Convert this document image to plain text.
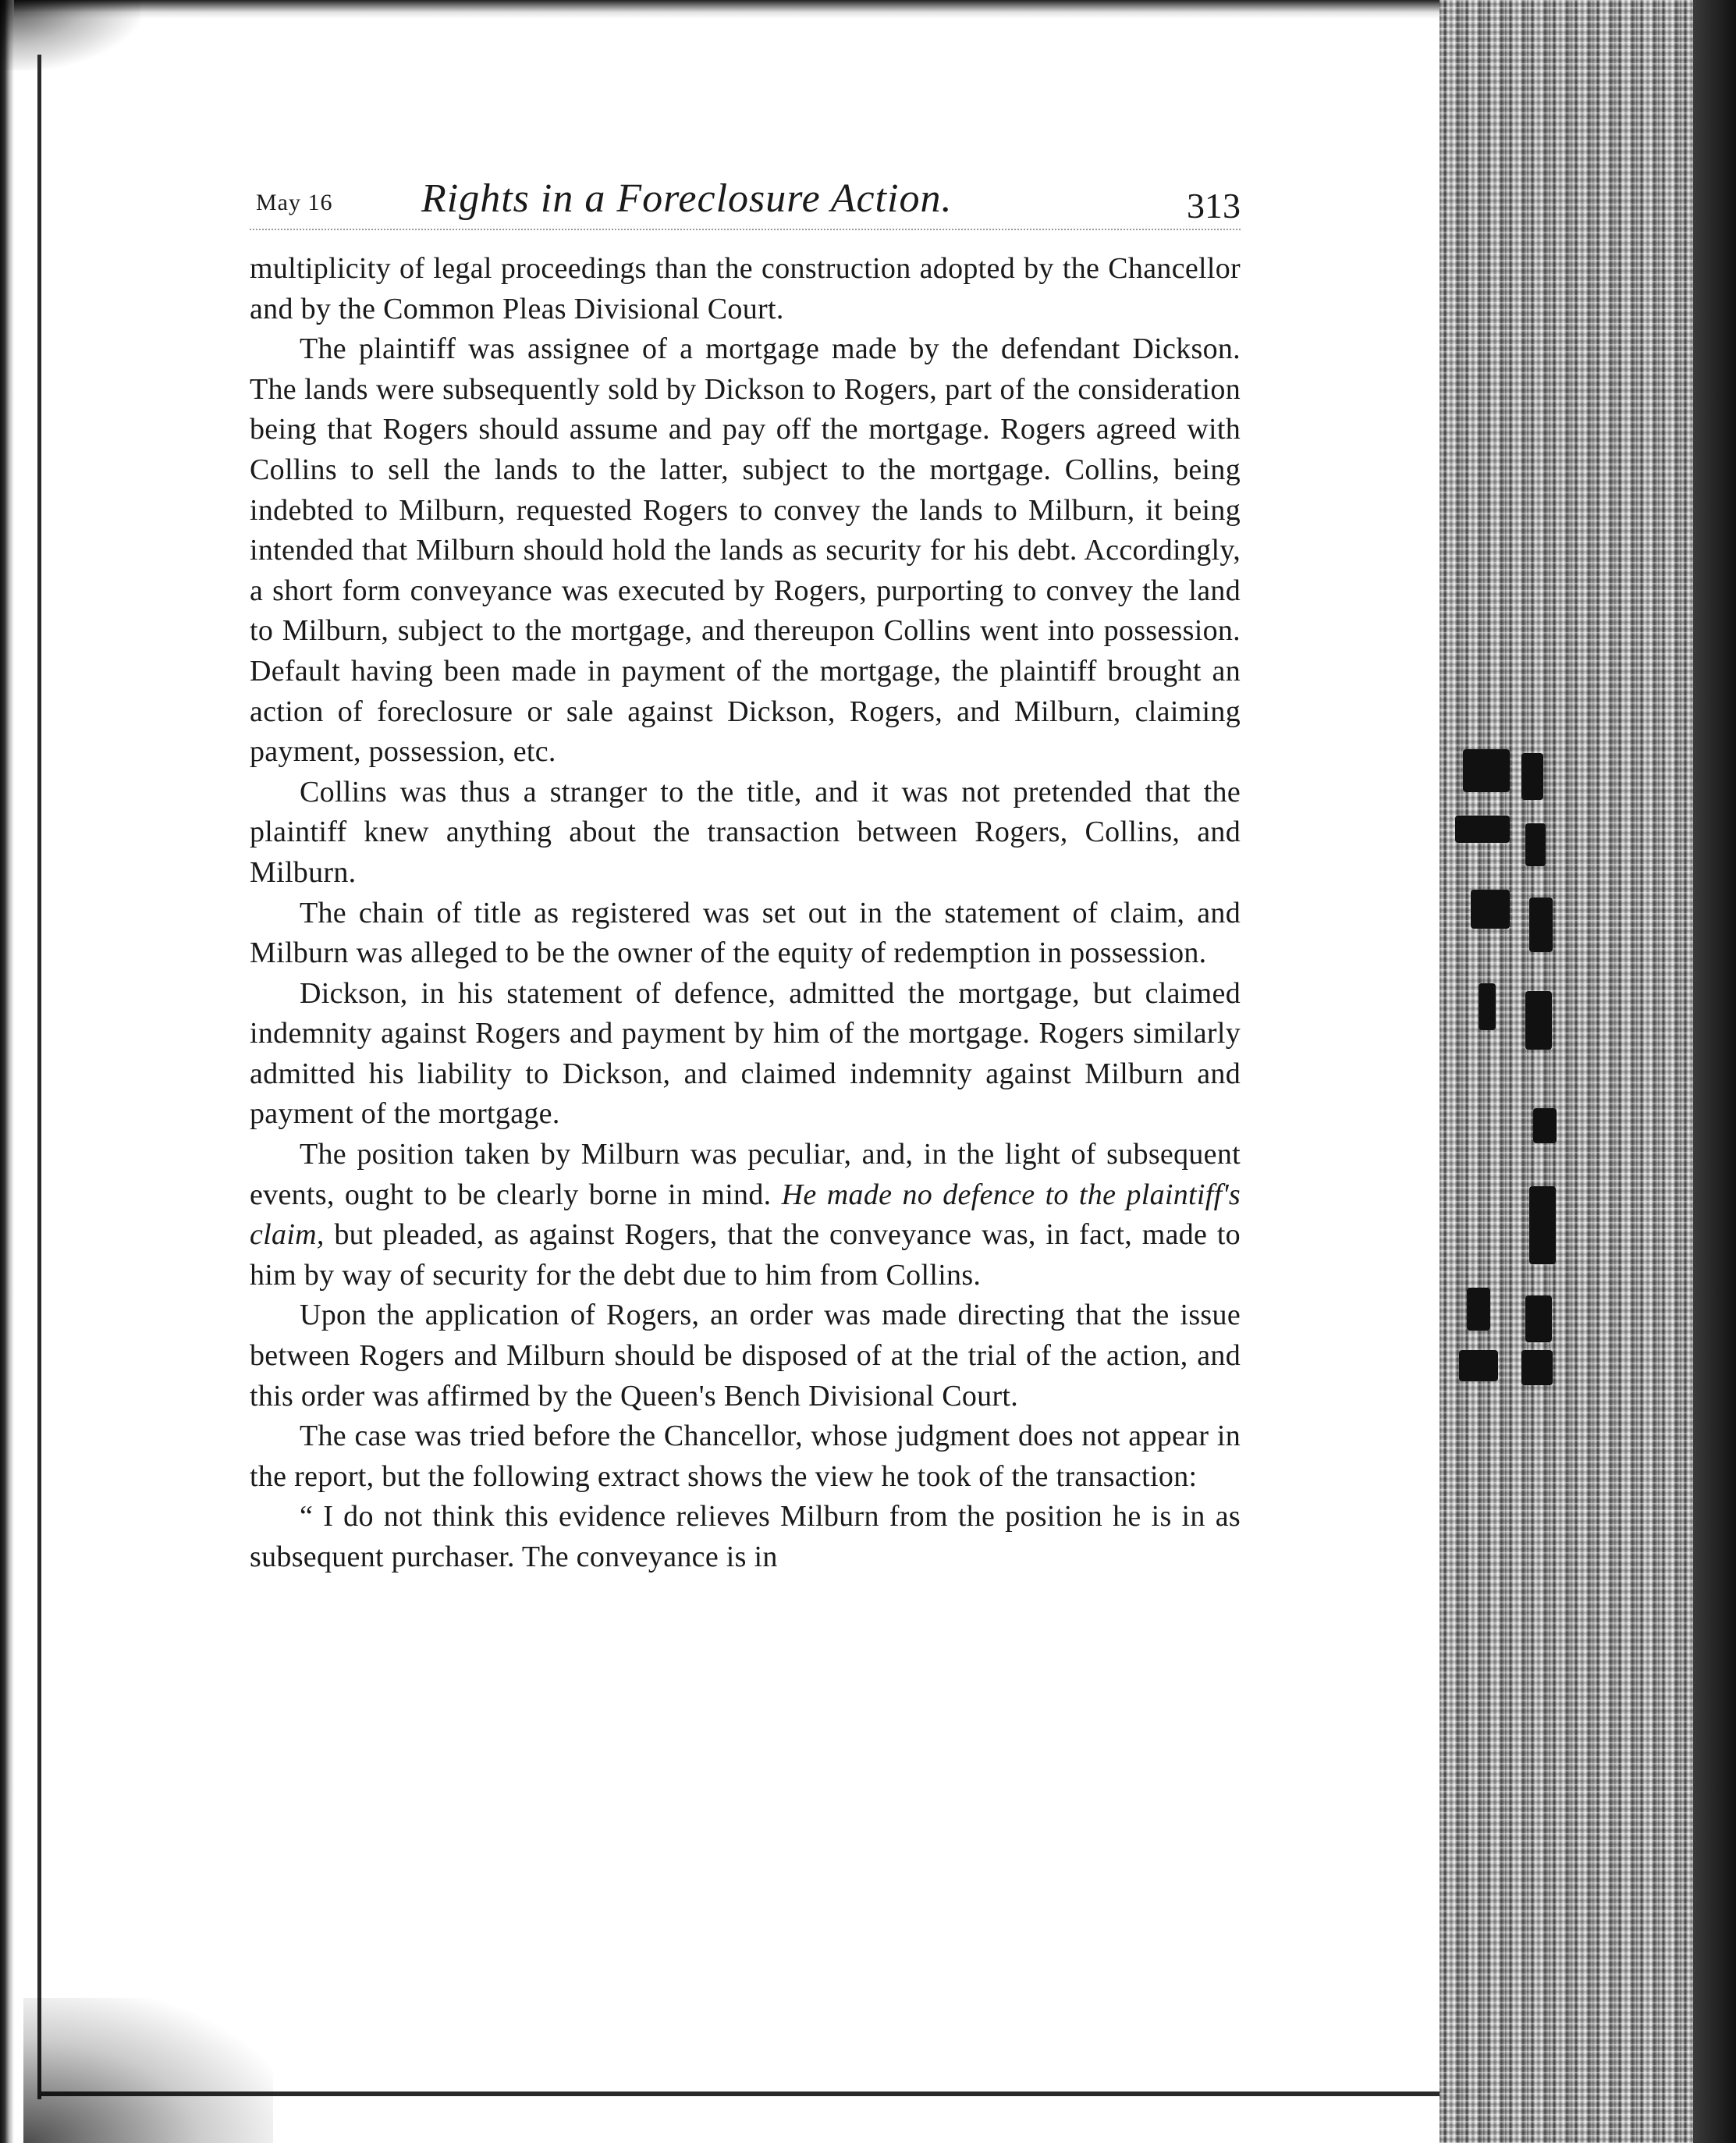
May 16 Rights in a Foreclosure Action.	313

multiplicity of legal proceedings than the construction adopted by the Chancellor and by the Common Pleas Divisional Court.

The plaintiff was assignee of a mortgage made by the defendant Dickson. The lands were subsequently sold by Dickson to Rogers, part of the consideration being that Rogers should assume and pay off the mortgage. Rogers agreed with Collins to sell the lands to the latter, subject to the mortgage. Collins, being indebted to Milburn, requested Rogers to convey the lands to Milburn, it being intended that Milburn should hold the lands as security for his debt. Accordingly, a short form conveyance was executed by Rogers, purporting to convey the land to Milburn, subject to the mortgage, and thereupon Collins went into possession. Default having been made in payment of the mortgage, the plaintiff brought an action of foreclosure or sale against Dickson, Rogers, and Milburn, claiming payment, possession, etc.

Collins was thus a stranger to the title, and it was not pretended that the plaintiff knew anything about the transaction between Rogers, Collins, and Milburn.

The chain of title as registered was set out in the statement of claim, and Milburn was alleged to be the owner of the equity of redemption in possession.

Dickson, in his statement of defence, admitted the mortgage, but claimed indemnity against Rogers and payment by him of the mortgage. Rogers similarly admitted his liability to Dickson, and claimed indemnity against Milburn and payment of the mortgage.

The position taken by Milburn was peculiar, and, in the light of subsequent events, ought to be clearly borne in mind. He made no defence to the plaintiff's claim, but pleaded, as against Rogers, that the conveyance was, in fact, made to him by way of security for the debt due to him from Collins.

Upon the application of Rogers, an order was made directing that the issue between Rogers and Milburn should be disposed of at the trial of the action, and this order was affirmed by the Queen's Bench Divisional Court.

The case was tried before the Chancellor, whose judgment does not appear in the report, but the following extract shows the view he took of the transaction:

“ I do not think this evidence relieves Milburn from the position he is in as subsequent purchaser. The conveyance is in
